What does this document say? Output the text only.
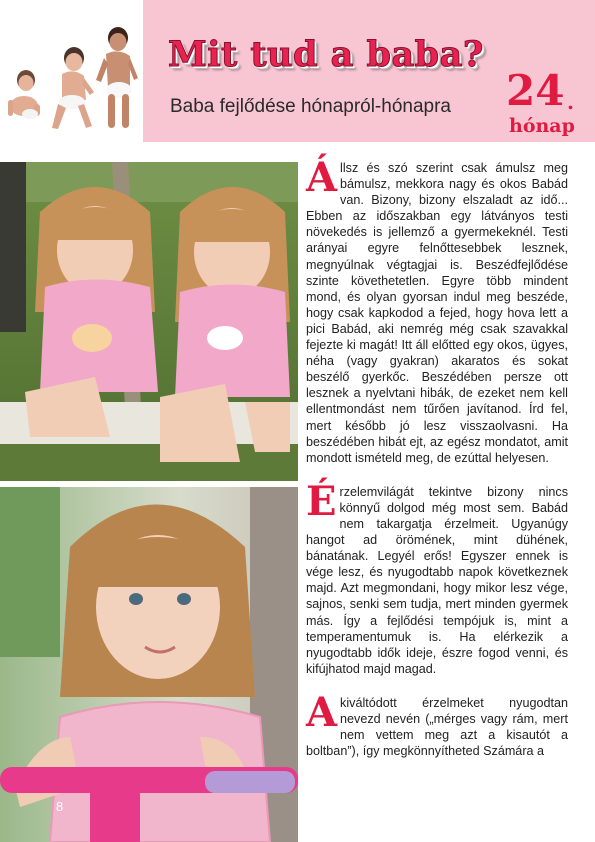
Mit tud a baba?
Baba fejlődése hónapról-hónapra 24 .
hónap
8

Állsz és szó szerint csak ámulsz meg bámulsz, mekkora nagy és okos Babád van. Bizony, bizony elszaladt az idő... Ebben az időszakban egy látványos testi növekedés is jellemző a gyermekeknél. Testi arányai egyre felnőttesebbek lesznek, megnyúlnak végtagjai is. Beszédfejlődése szinte követhetetlen. Egyre több mindent mond, és olyan gyorsan indul meg beszéde, hogy csak kapkodod a fejed, hogy hova lett a pici Babád, aki nemrég még csak szavakkal fejezte ki magát! Itt áll előtted egy okos, ügyes, néha (vagy gyakran) akaratos és sokat beszélő gyerkőc. Beszédében persze ott lesznek a nyelvtani hibák, de ezeket nem kell ellentmondást nem tűrően javítanod. Írd fel, mert később jó lesz visszaolvasni. Ha beszédében hibát ejt, az egész mondatot, amit mondott ismételd meg, de ezúttal helyesen.

Érzelemvilágát tekintve bizony nincs könnyű dolgod még most sem. Babád nem takargatja érzelmeit. Ugyanúgy hangot ad örömének, mint dühének, bánatának. Legyél erős! Egyszer ennek is vége lesz, és nyugodtabb napok következnek majd. Azt megmondani, hogy mikor lesz vége, sajnos, senki sem tudja, mert minden gyermek más. Így a fejlődési tempójuk is, mint a temperamentumuk is. Ha elérkezik a nyugodtabb idők ideje, észre fogod venni, és kifújhatod majd magad.

A kiváltódott érzelmeket nyugodtan nevezd nevén („mérges vagy rám, mert nem vettem meg azt a kisautót a boltban”), így megkönnyítheted Számára a
